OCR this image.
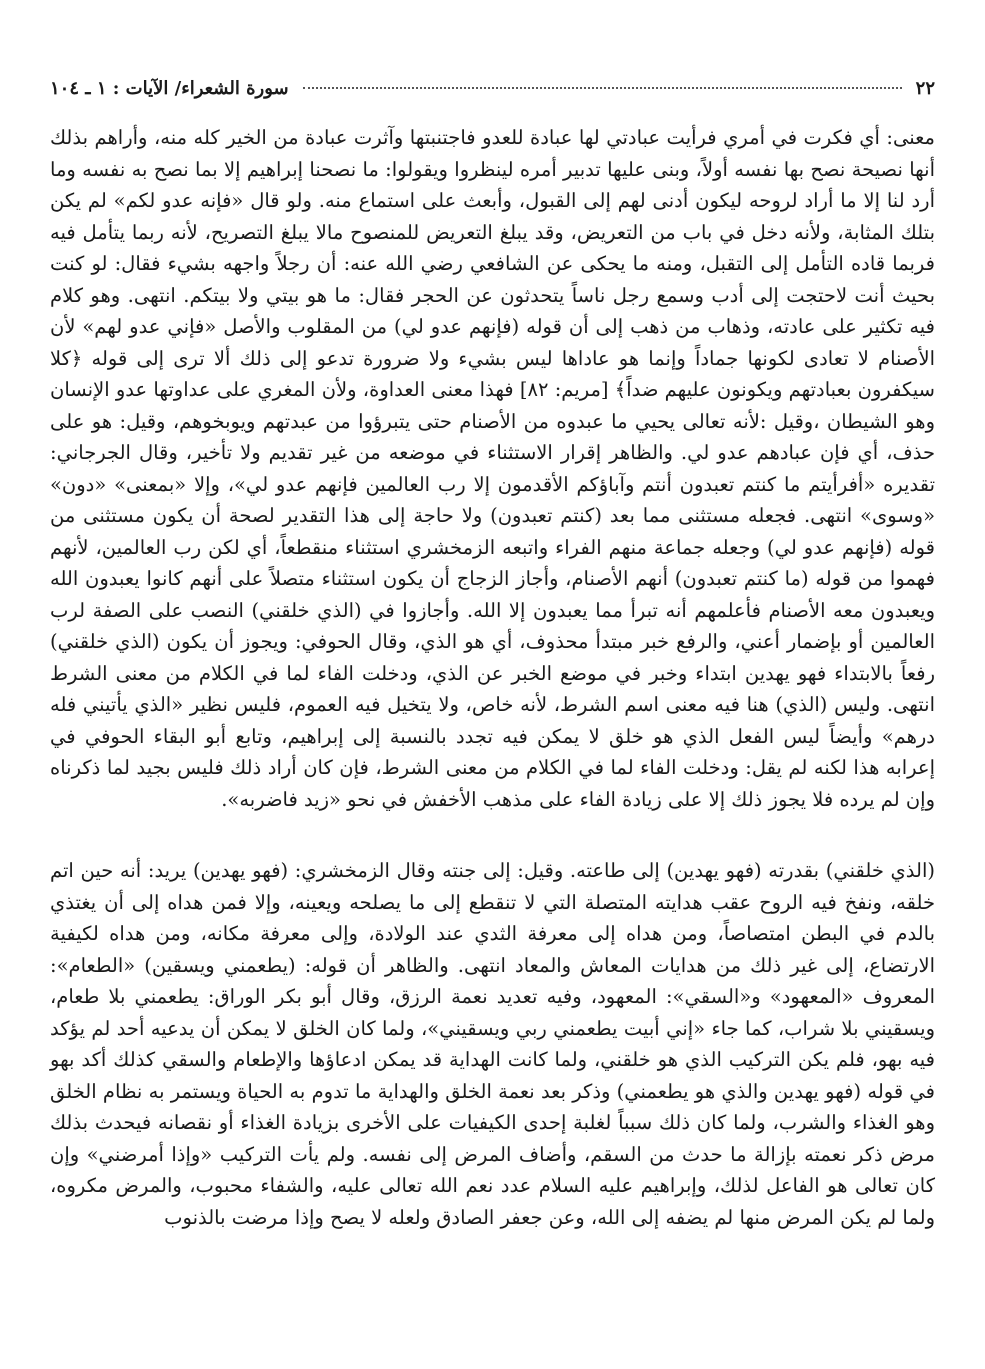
٢٢
سورة الشعراء/ الآيات : ١ ـ ١٠٤

معنى: أي فكرت في أمري فرأيت عبادتي لها عبادة للعدو فاجتنبتها وآثرت عبادة من الخير كله منه، وأراهم بذلك أنها نصيحة نصح بها نفسه أولاً، وبنى عليها تدبير أمره لينظروا ويقولوا: ما نصحنا إبراهيم إلا بما نصح به نفسه وما أرد لنا إلا ما أراد لروحه ليكون أدنى لهم إلى القبول، وأبعث على استماع منه. ولو قال «فإنه عدو لكم» لم يكن بتلك المثابة، ولأنه دخل في باب من التعريض، وقد يبلغ التعريض للمنصوح مالا يبلغ التصريح، لأنه ربما يتأمل فيه فربما قاده التأمل إلى التقبل، ومنه ما يحكى عن الشافعي رضي الله عنه: أن رجلاً واجهه بشيء فقال: لو كنت بحيث أنت لاحتجت إلى أدب وسمع رجل ناساً يتحدثون عن الحجر فقال: ما هو بيتي ولا بيتكم. انتهى. وهو كلام فيه تكثير على عادته، وذهاب من ذهب إلى أن قوله (فإنهم عدو لي) من المقلوب والأصل «فإني عدو لهم» لأن الأصنام لا تعادى لكونها جماداً وإنما هو عاداها ليس بشيء ولا ضرورة تدعو إلى ذلك ألا ترى إلى قوله ﴿كلا سيكفرون بعبادتهم ويكونون عليهم ضداً﴾ [مريم: ٨٢] فهذا معنى العداوة، ولأن المغري على عداوتها عدو الإنسان وهو الشيطان ،وقيل :لأنه تعالى يحيي ما عبدوه من الأصنام حتى يتبرؤوا من عبدتهم ويوبخوهم، وقيل: هو على حذف، أي فإن عبادهم عدو لي. والظاهر إقرار الاستثناء في موضعه من غير تقديم ولا تأخير، وقال الجرجاني: تقديره «أفرأيتم ما كنتم تعبدون أنتم وآباؤكم الأقدمون إلا رب العالمين فإنهم عدو لي»، وإلا «بمعنى» «دون» «وسوى» انتهى. فجعله مستثنى مما بعد (كنتم تعبدون) ولا حاجة إلى هذا التقدير لصحة أن يكون مستثنى من قوله (فإنهم عدو لي) وجعله جماعة منهم الفراء واتبعه الزمخشري استثناء منقطعاً، أي لكن رب العالمين، لأنهم فهموا من قوله (ما كنتم تعبدون) أنهم الأصنام، وأجاز الزجاج أن يكون استثناء متصلاً على أنهم كانوا يعبدون الله ويعبدون معه الأصنام فأعلمهم أنه تبرأ مما يعبدون إلا الله. وأجازوا في (الذي خلقني) النصب على الصفة لرب العالمين أو بإضمار أعني، والرفع خبر مبتدأ محذوف، أي هو الذي، وقال الحوفي: ويجوز أن يكون (الذي خلقني) رفعاً بالابتداء فهو يهدين ابتداء وخبر في موضع الخبر عن الذي، ودخلت الفاء لما في الكلام من معنى الشرط انتهى. وليس (الذي) هنا فيه معنى اسم الشرط، لأنه خاص، ولا يتخيل فيه العموم، فليس نظير «الذي يأتيني فله درهم» وأيضاً ليس الفعل الذي هو خلق لا يمكن فيه تجدد بالنسبة إلى إبراهيم، وتابع أبو البقاء الحوفي في إعرابه هذا لكنه لم يقل: ودخلت الفاء لما في الكلام من معنى الشرط، فإن كان أراد ذلك فليس بجيد لما ذكرناه وإن لم يرده فلا يجوز ذلك إلا على زيادة الفاء على مذهب الأخفش في نحو «زيد فاضربه».

(الذي خلقني) بقدرته (فهو يهدين) إلى طاعته. وقيل: إلى جنته وقال الزمخشري: (فهو يهدين) يريد: أنه حين اتم خلقه، ونفخ فيه الروح عقب هدايته المتصلة التي لا تنقطع إلى ما يصلحه ويعينه، وإلا فمن هداه إلى أن يغتذي بالدم في البطن امتصاصاً، ومن هداه إلى معرفة الثدي عند الولادة، وإلى معرفة مكانه، ومن هداه لكيفية الارتضاع، إلى غير ذلك من هدايات المعاش والمعاد انتهى. والظاهر أن قوله: (يطعمني ويسقين) «الطعام»: المعروف «المعهود» و«السقي»: المعهود، وفيه تعديد نعمة الرزق، وقال أبو بكر الوراق: يطعمني بلا طعام، ويسقيني بلا شراب، كما جاء «إني أبيت يطعمني ربي ويسقيني»، ولما كان الخلق لا يمكن أن يدعيه أحد لم يؤكد فيه بهو، فلم يكن التركيب الذي هو خلقني، ولما كانت الهداية قد يمكن ادعاؤها والإطعام والسقي كذلك أكد بهو في قوله (فهو يهدين والذي هو يطعمني) وذكر بعد نعمة الخلق والهداية ما تدوم به الحياة ويستمر به نظام الخلق وهو الغذاء والشرب، ولما كان ذلك سبباً لغلبة إحدى الكيفيات على الأخرى بزيادة الغذاء أو نقصانه فيحدث بذلك مرض ذكر نعمته بإزالة ما حدث من السقم، وأضاف المرض إلى نفسه. ولم يأت التركيب «وإذا أمرضني» وإن كان تعالى هو الفاعل لذلك، وإبراهيم عليه السلام عدد نعم الله تعالى عليه، والشفاء محبوب، والمرض مكروه، ولما لم يكن المرض منها لم يضفه إلى الله، وعن جعفر الصادق ولعله لا يصح وإذا مرضت بالذنوب
